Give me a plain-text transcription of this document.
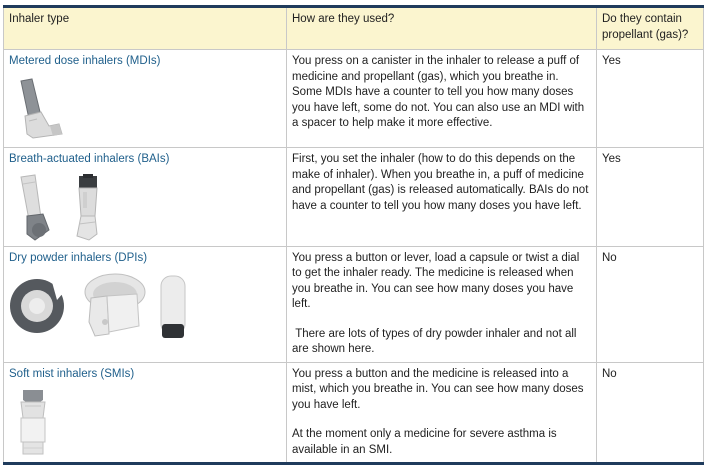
Inhaler type	How are they used?	Do they contain propellant (gas)?

Metered dose inhalers (MDIs)	You press on a canister in the inhaler to release a puff of medicine and propellant (gas), which you breathe in. Some MDIs have a counter to tell you how many doses you have left, some do not. You can also use an MDI with a spacer to help make it more effective.	Yes

Breath-actuated inhalers (BAIs)	First, you set the inhaler (how to do this depends on the make of inhaler). When you breathe in, a puff of medicine and propellant (gas) is released automatically. BAIs do not have a counter to tell you how many doses you have left.	Yes

Dry powder inhalers (DPIs)	You press a button or lever, load a capsule or twist a dial to get the inhaler ready. The medicine is released when you breathe in. You can see how many doses you have left.
There are lots of types of dry powder inhaler and not all are shown here.	No

Soft mist inhalers (SMIs)	You press a button and the medicine is released into a mist, which you breathe in. You can see how many doses you have left.
At the moment only a medicine for severe asthma is available in an SMI.	No
